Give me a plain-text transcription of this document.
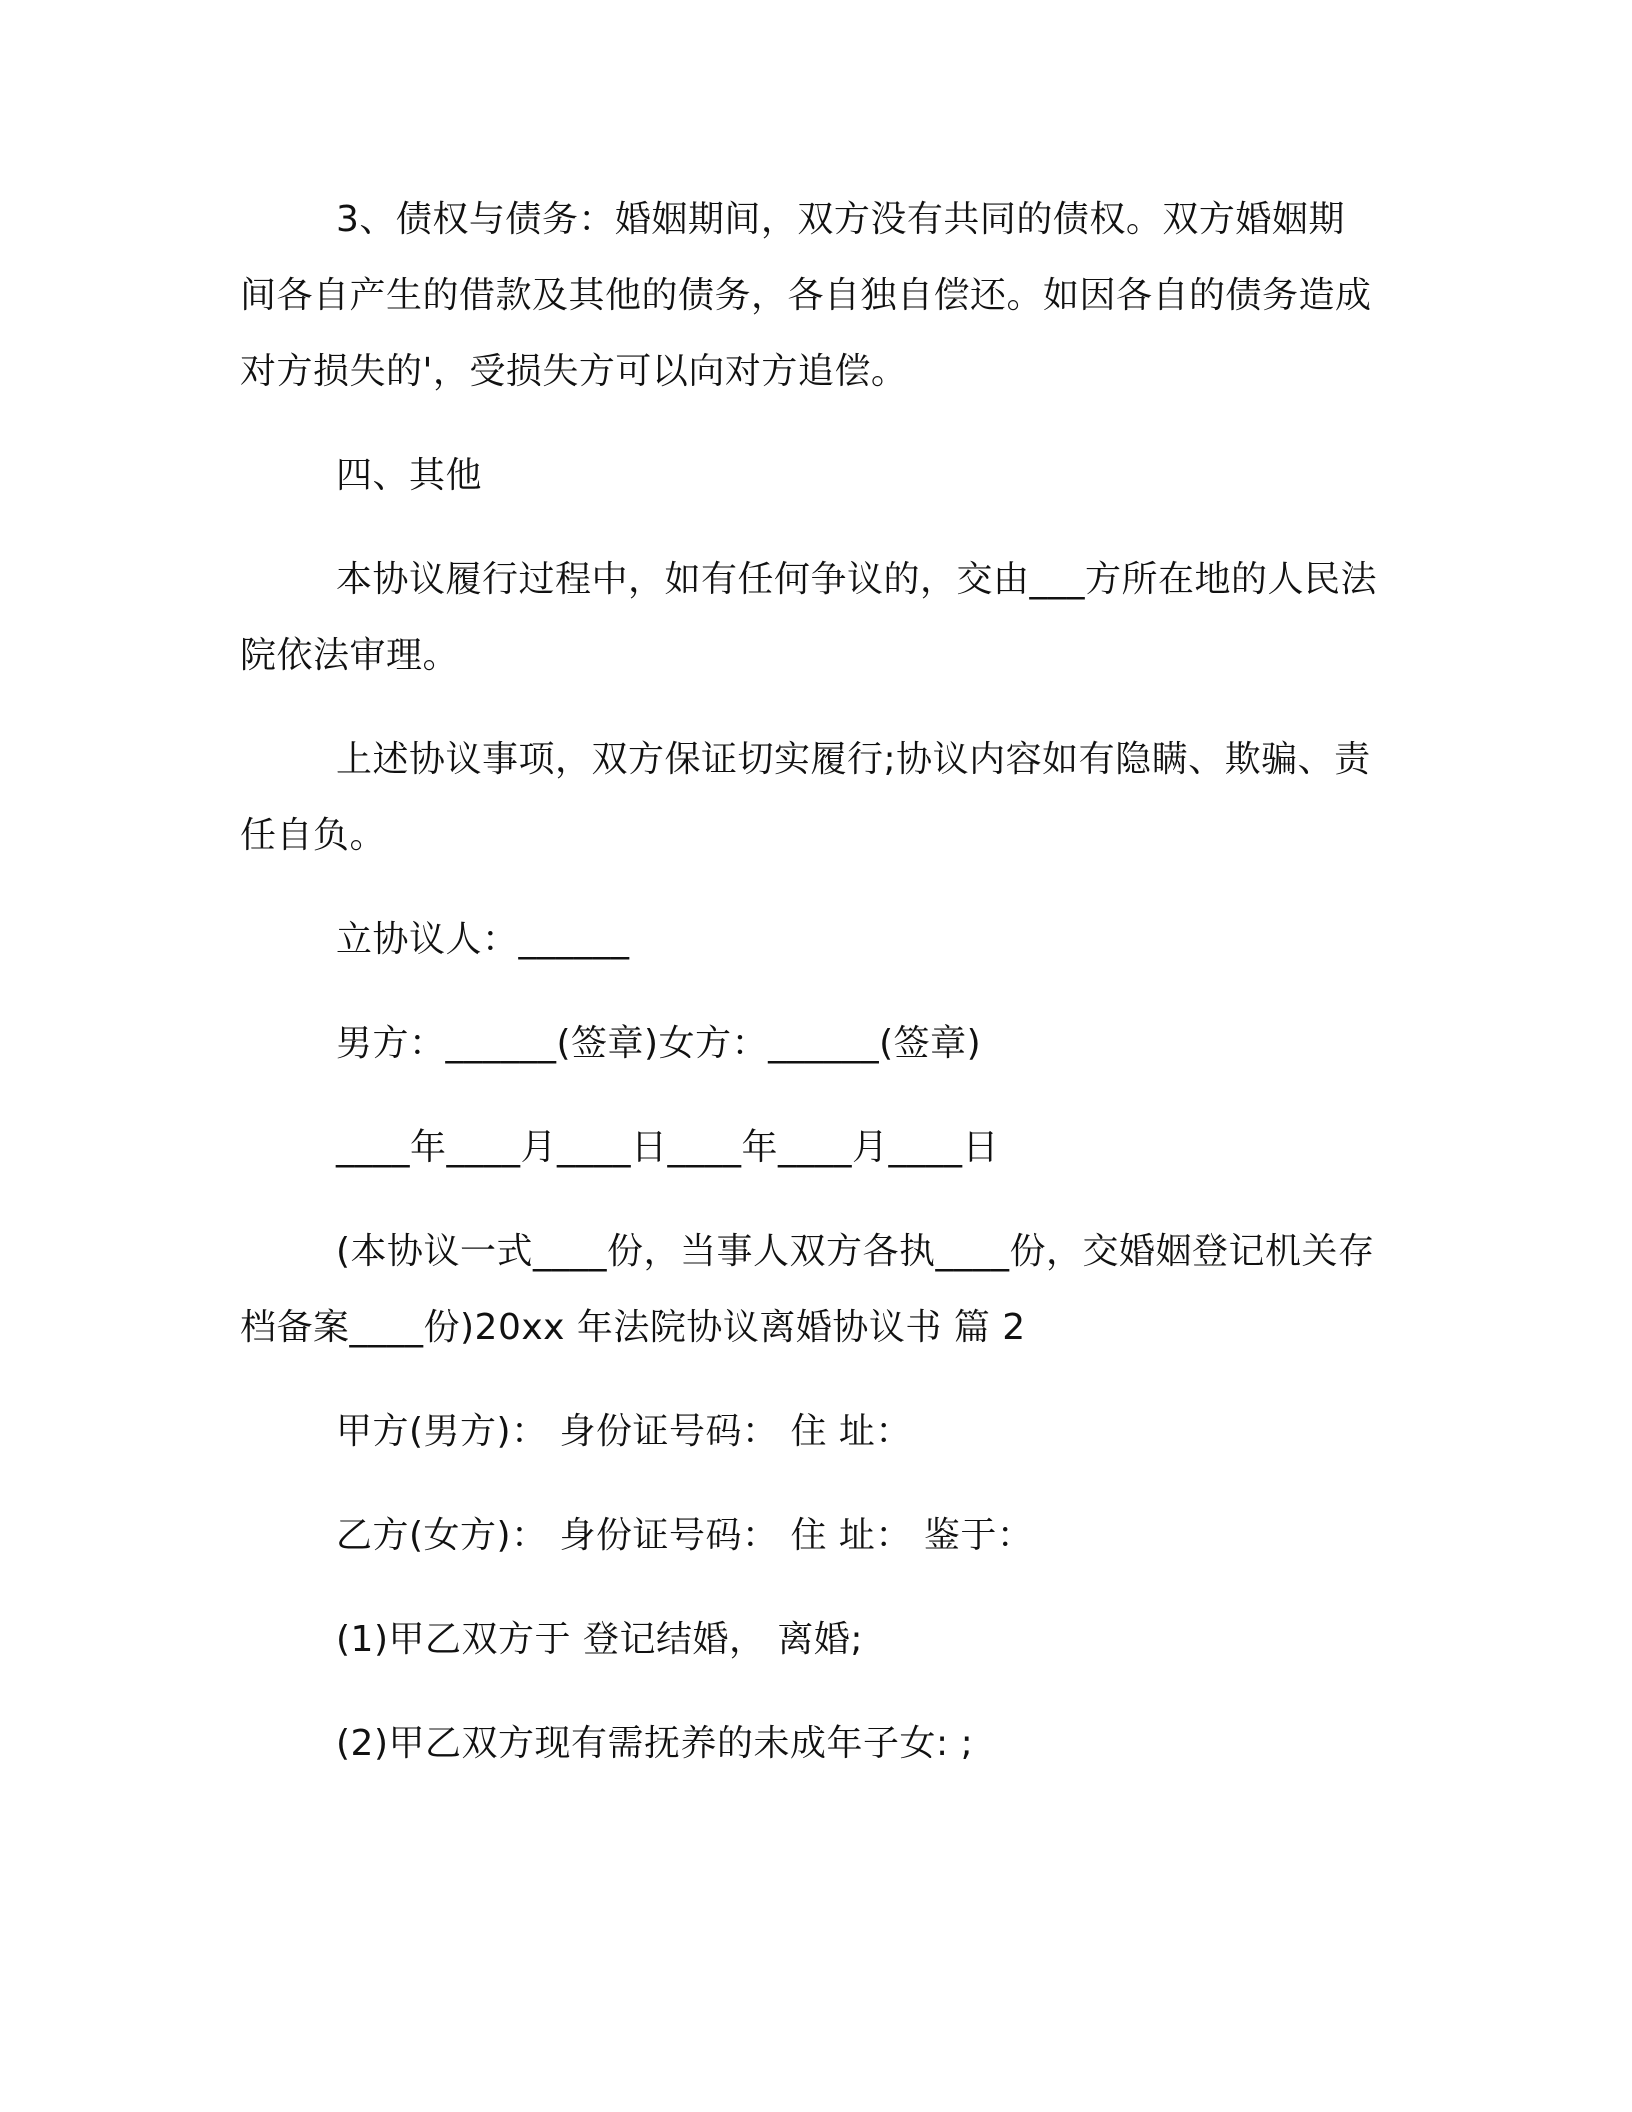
3、债权与债务：婚姻期间，双方没有共同的债权。双方婚姻期间各自产生的借款及其他的债务，各自独自偿还。如因各自的债务造成对方损失的'，受损失方可以向对方追偿。

四、其他

本协议履行过程中，如有任何争议的，交由___方所在地的人民法院依法审理。

上述协议事项，双方保证切实履行;协议内容如有隐瞒、欺骗、责任自负。

立协议人：______

男方：______(签章)女方：______(签章)

____年____月____日____年____月____日

(本协议一式____份，当事人双方各执____份，交婚姻登记机关存档备案____份)20xx 年法院协议离婚协议书 篇 2

甲方(男方)： 身份证号码： 住 址：

乙方(女方)： 身份证号码： 住 址： 鉴于：

(1)甲乙双方于 登记结婚， 离婚;

(2)甲乙双方现有需抚养的未成年子女: ;
